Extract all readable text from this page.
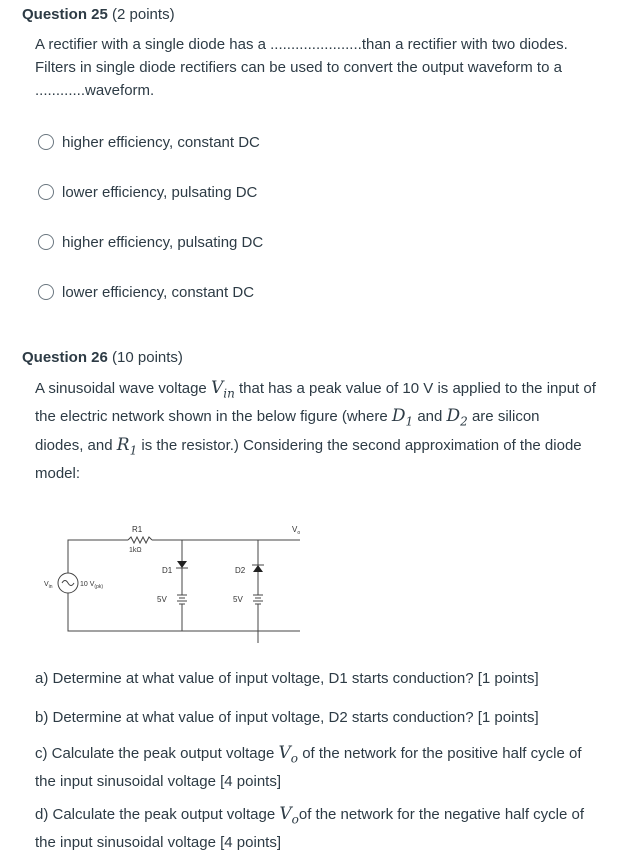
Question 25 (2 points)
A rectifier with a single diode has a ......................than a rectifier with two diodes.
Filters in single diode rectifiers can be used to convert the output waveform to a
............waveform.
higher efficiency, constant DC
lower efficiency, pulsating DC
higher efficiency, pulsating DC
lower efficiency, constant DC
Question 26 (10 points)
A sinusoidal wave voltage $V_{in}$ that has a peak value of 10 V is applied to the input of
the electric network shown in the below figure (where $D_1$ and $D_2$ are silicon
diodes, and $R_1$ is the resistor.) Considering the second approximation of the diode
model:
R1
1kΩ
$V_o$
$V_{in}$	10 $V_{(pk)}$
D1	D2
5V	5V
a) Determine at what value of input voltage, D1 starts conduction? [1 points]
b) Determine at what value of input voltage, D2 starts conduction? [1 points]
c) Calculate the peak output voltage $V_o$ of the network for the positive half cycle of
the input sinusoidal voltage [4 points]
d) Calculate the peak output voltage $V_oof$ the network for the negative half cycle of
the input sinusoidal voltage [4 points]
